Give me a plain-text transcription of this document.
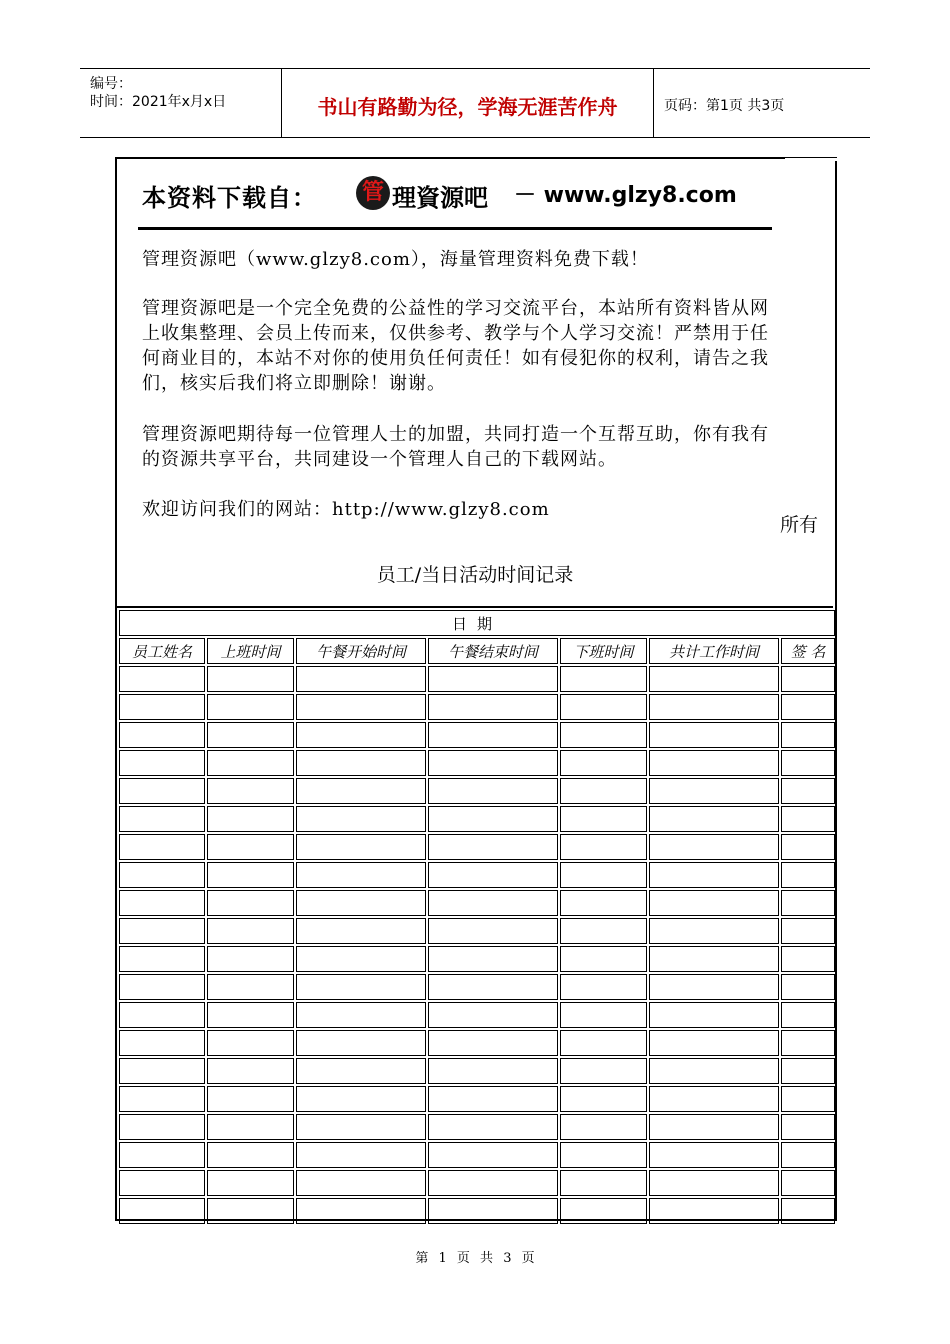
编号：
时间：2021年x月x日	书山有路勤为径，学海无涯苦作舟	页码：第1页 共3页
本资料下载自： 管 理資源吧 － www.glzy8.com
管理资源吧（www.glzy8.com），海量管理资料免费下载！
管理资源吧是一个完全免费的公益性的学习交流平台，本站所有资料皆从网上收集整理、会员上传而来，仅供参考、教学与个人学习交流！严禁用于任何商业目的，本站不对你的使用负任何责任！如有侵犯你的权利，请告之我们，核实后我们将立即删除！谢谢。
管理资源吧期待每一位管理人士的加盟，共同打造一个互帮互助，你有我有的资源共享平台，共同建设一个管理人自己的下载网站。
欢迎访问我们的网站：http://www.glzy8.com
所有
员工/当日活动时间记录
日期						
员工姓名	上班时间	午餐开始时间	午餐结束时间	下班时间	共计工作时间	签 名

第 1 页 共 3 页
